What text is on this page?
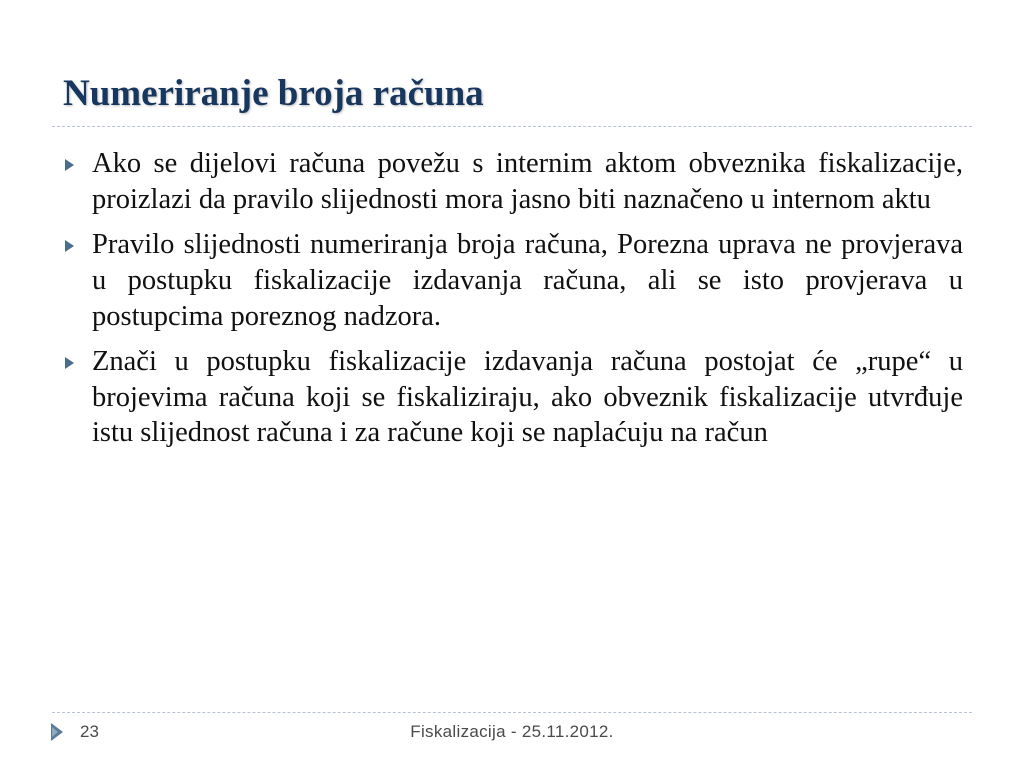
Numeriranje broja računa
Ako se dijelovi računa povežu s internim aktom obveznika fiskalizacije, proizlazi da pravilo slijednosti mora jasno biti naznačeno u internom aktu
Pravilo slijednosti numeriranja broja računa, Porezna uprava ne provjerava u postupku fiskalizacije izdavanja računa, ali se isto provjerava u postupcima poreznog nadzora.
Znači u postupku fiskalizacije izdavanja računa postojat će „rupe“ u brojevima računa koji se fiskaliziraju, ako obveznik fiskalizacije utvrđuje istu slijednost računa i za račune koji se naplaćuju na račun
23	Fiskalizacija - 25.11.2012.
